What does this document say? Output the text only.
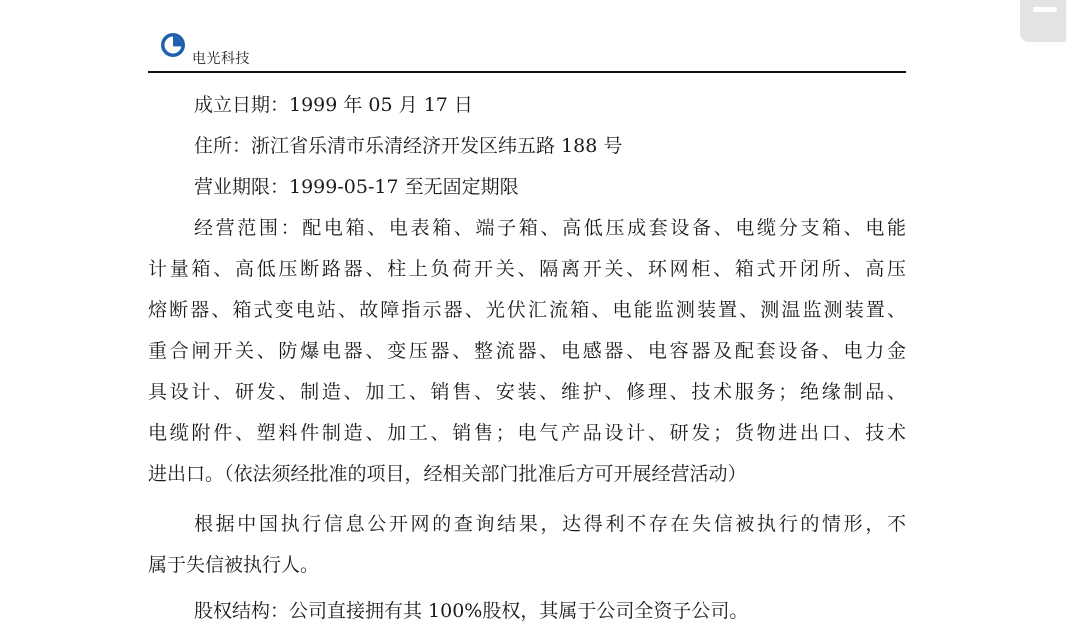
电光科技
成立日期：1999 年 05 月 17 日
住所：浙江省乐清市乐清经济开发区纬五路 188 号
营业期限：1999-05-17 至无固定期限
经营范围：配电箱、电表箱、端子箱、高低压成套设备、电缆分支箱、电能
计量箱、高低压断路器、柱上负荷开关、隔离开关、环网柜、箱式开闭所、高压
熔断器、箱式变电站、故障指示器、光伏汇流箱、电能监测装置、测温监测装置、
重合闸开关、防爆电器、变压器、整流器、电感器、电容器及配套设备、电力金
具设计、研发、制造、加工、销售、安装、维护、修理、技术服务；绝缘制品、
电缆附件、塑料件制造、加工、销售；电气产品设计、研发；货物进出口、技术
进出口。（依法须经批准的项目，经相关部门批准后方可开展经营活动）
根据中国执行信息公开网的查询结果，达得利不存在失信被执行的情形，不
属于失信被执行人。
股权结构：公司直接拥有其 100%股权，其属于公司全资子公司。
